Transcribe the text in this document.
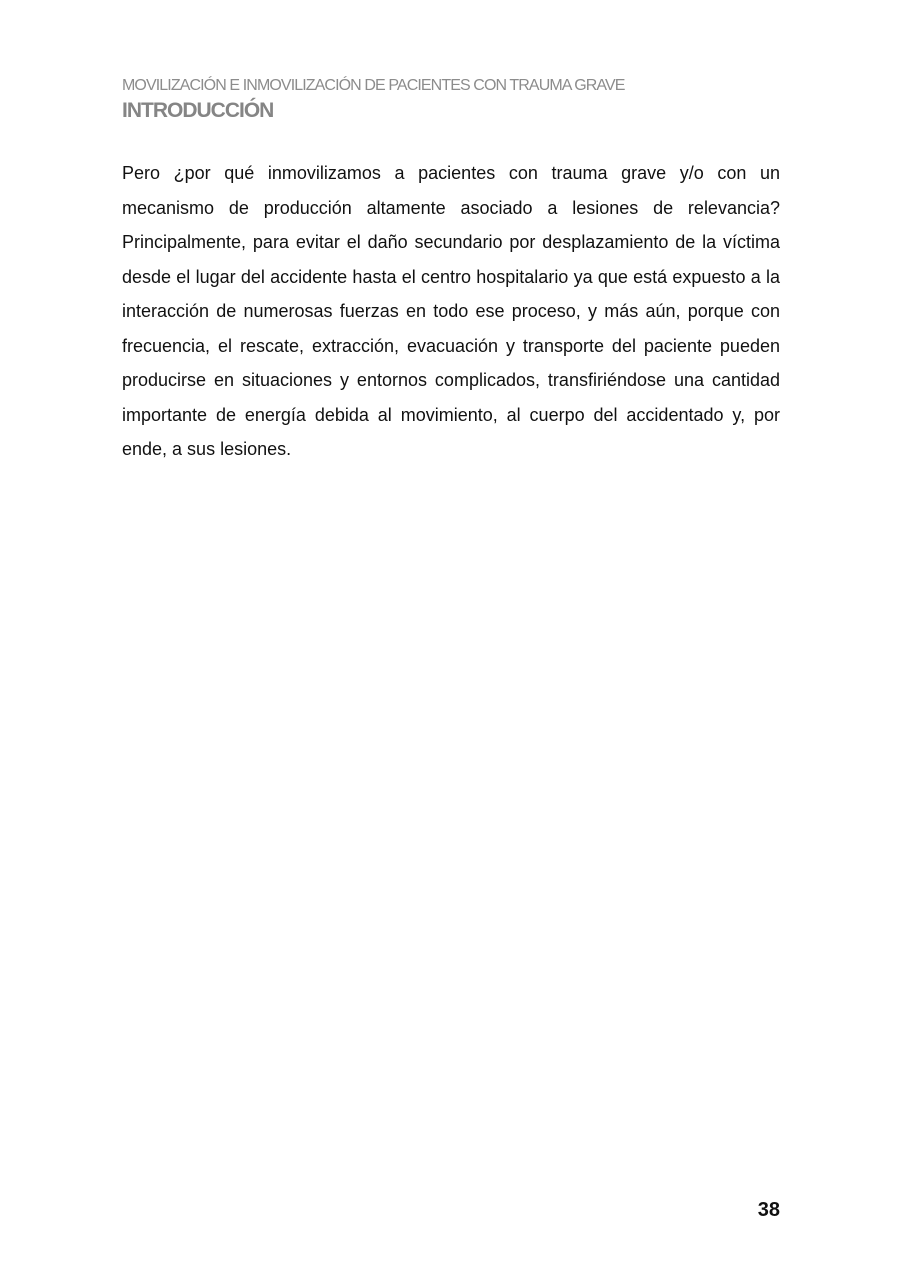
MOVILIZACIÓN E INMOVILIZACIÓN DE PACIENTES CON TRAUMA GRAVE
INTRODUCCIÓN

Pero ¿por qué inmovilizamos a pacientes con trauma grave y/o con un mecanismo de producción altamente asociado a lesiones de relevancia? Principalmente, para evitar el daño secundario por desplazamiento de la víctima desde el lugar del accidente hasta el centro hospitalario ya que está expuesto a la interacción de numerosas fuerzas en todo ese proceso, y más aún, porque con frecuencia, el rescate, extracción, evacuación y transporte del paciente pueden producirse en situaciones y entornos complicados, transfiriéndose una cantidad importante de energía debida al movimiento, al cuerpo del accidentado y, por ende, a sus lesiones.

38
